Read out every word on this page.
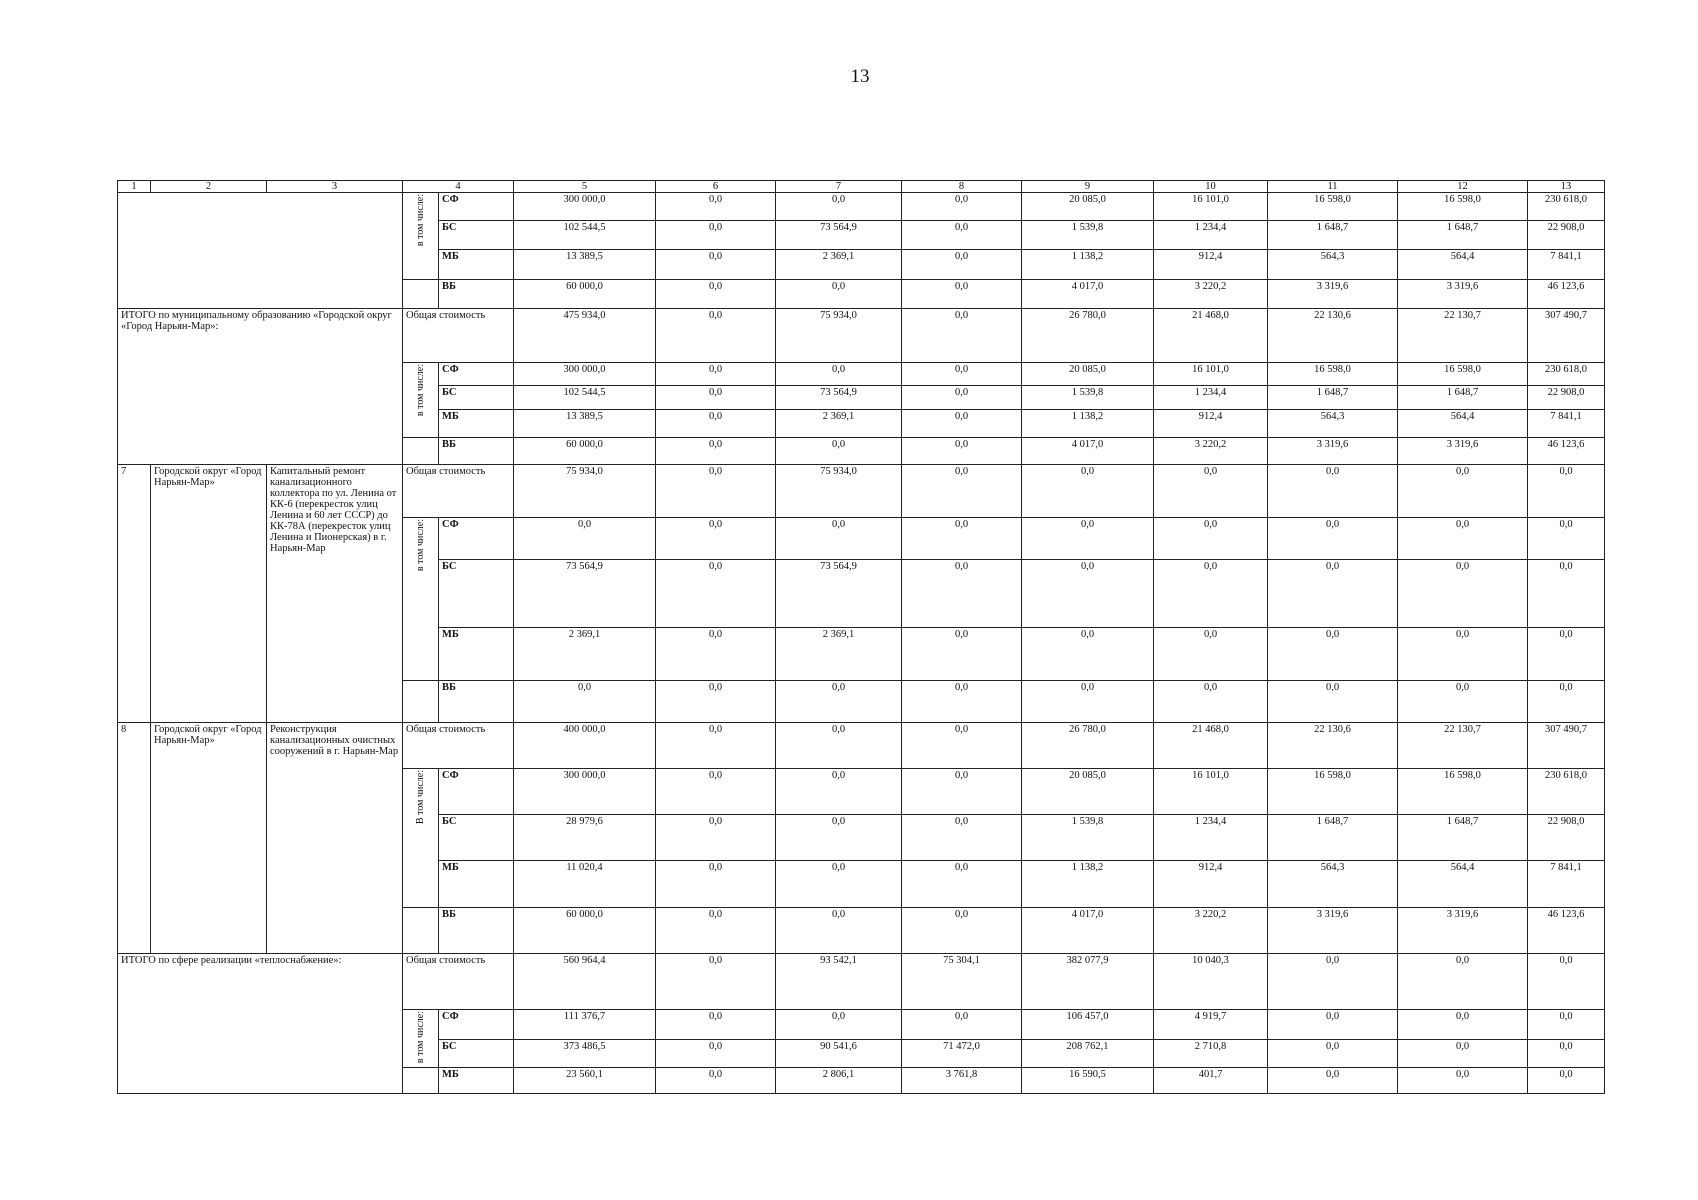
13
1	2	3	4		5	6	7	8	9	10	11	12	13
			в том числе:	СФ	300 000,0	0,0	0,0	0,0	20 085,0	16 101,0	16 598,0	16 598,0	230 618,0
				БС	102 544,5	0,0	73 564,9	0,0	1 539,8	1 234,4	1 648,7	1 648,7	22 908,0
				МБ	13 389,5	0,0	2 369,1	0,0	1 138,2	912,4	564,3	564,4	7 841,1
				ВБ	60 000,0	0,0	0,0	0,0	4 017,0	3 220,2	3 319,6	3 319,6	46 123,6
ИТОГО по муниципальному образованию «Городской округ «Город Нарьян-Мар»:			Общая стоимость		475 934,0	0,0	75 934,0	0,0	26 780,0	21 468,0	22 130,6	22 130,7	307 490,7
			в том числе:	СФ	300 000,0	0,0	0,0	0,0	20 085,0	16 101,0	16 598,0	16 598,0	230 618,0
				БС	102 544,5	0,0	73 564,9	0,0	1 539,8	1 234,4	1 648,7	1 648,7	22 908,0
				МБ	13 389,5	0,0	2 369,1	0,0	1 138,2	912,4	564,3	564,4	7 841,1
				ВБ	60 000,0	0,0	0,0	0,0	4 017,0	3 220,2	3 319,6	3 319,6	46 123,6
7	Городской округ «Город Нарьян-Мар»	Капитальный ремонт канализационного коллектора по ул. Ленина от КК-6 (перекресток улиц Ленина и 60 лет СССР) до КК-78А (перекресток улиц Ленина и Пионерская) в г. Нарьян-Мар	Общая стоимость		75 934,0	0,0	75 934,0	0,0	0,0	0,0	0,0	0,0	0,0
			в том числе:	СФ	0,0	0,0	0,0	0,0	0,0	0,0	0,0	0,0	0,0
				БС	73 564,9	0,0	73 564,9	0,0	0,0	0,0	0,0	0,0	0,0
				МБ	2 369,1	0,0	2 369,1	0,0	0,0	0,0	0,0	0,0	0,0
				ВБ	0,0	0,0	0,0	0,0	0,0	0,0	0,0	0,0	0,0
8	Городской округ «Город Нарьян-Мар»	Реконструкция канализационных очистных сооружений в г. Нарьян-Мар	Общая стоимость		400 000,0	0,0	0,0	0,0	26 780,0	21 468,0	22 130,6	22 130,7	307 490,7
			В том числе:	СФ	300 000,0	0,0	0,0	0,0	20 085,0	16 101,0	16 598,0	16 598,0	230 618,0
				БС	28 979,6	0,0	0,0	0,0	1 539,8	1 234,4	1 648,7	1 648,7	22 908,0
				МБ	11 020,4	0,0	0,0	0,0	1 138,2	912,4	564,3	564,4	7 841,1
				ВБ	60 000,0	0,0	0,0	0,0	4 017,0	3 220,2	3 319,6	3 319,6	46 123,6
ИТОГО по сфере реализации «теплоснабжение»:			Общая стоимость		560 964,4	0,0	93 542,1	75 304,1	382 077,9	10 040,3	0,0	0,0	0,0
			в том числе:	СФ	111 376,7	0,0	0,0	0,0	106 457,0	4 919,7	0,0	0,0	0,0
				БС	373 486,5	0,0	90 541,6	71 472,0	208 762,1	2 710,8	0,0	0,0	0,0
				МБ	23 560,1	0,0	2 806,1	3 761,8	16 590,5	401,7	0,0	0,0	0,0
